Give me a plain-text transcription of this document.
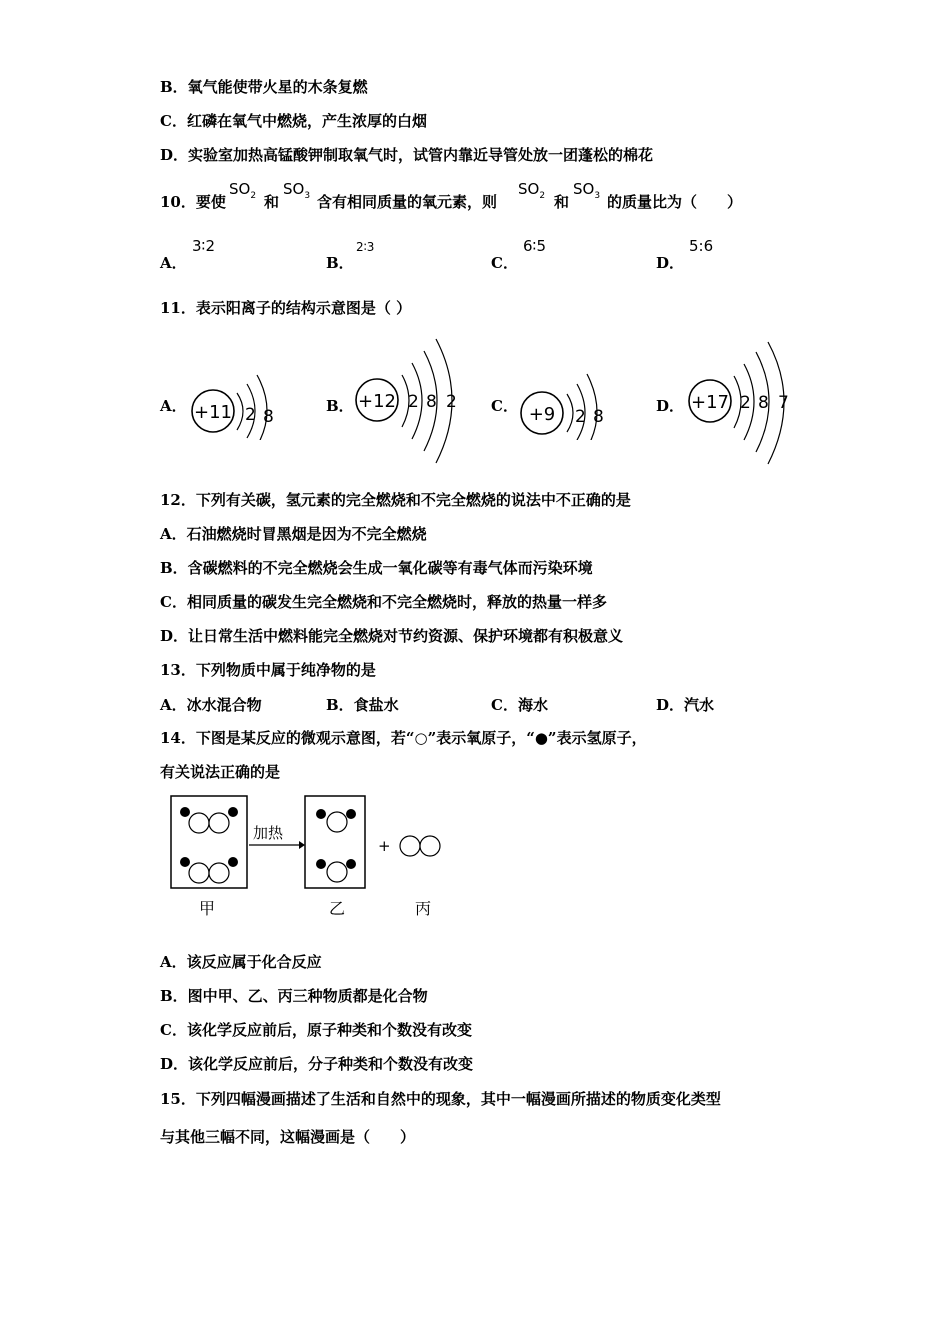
B．氧气能使带火星的木条复燃
C．红磷在氧气中燃烧，产生浓厚的白烟
D．实验室加热高锰酸钾制取氧气时，试管内靠近导管处放一团蓬松的棉花
10．要使
$SO_2$ 和
$SO_3$ 含有相同质量的氧元素，则
$SO_2$ 和
$SO_3$ 的质量比为（　　）
A．
3∶2
B．
2∶3
C．
6∶5
D．
5:6
11．表示阳离子的结构示意图是（ ）
A． +11 2 8
B． +12 2 8 2 C． +9 2 8
D． +17 2 8 7
12．下列有关碳，氢元素的完全燃烧和不完全燃烧的说法中不正确的是
A．石油燃烧时冒黑烟是因为不完全燃烧
B．含碳燃料的不完全燃烧会生成一氧化碳等有毒气体而污染环境
C．相同质量的碳发生完全燃烧和不完全燃烧时，释放的热量一样多
D．让日常生活中燃料能完全燃烧对节约资源、保护环境都有积极意义
13．下列物质中属于纯净物的是
A．冰水混合物	B．食盐水	C．海水	D．汽水
14．下图是某反应的微观示意图，若“○”表示氧原子，“●”表示氢原子，
有关说法正确的是
加热
+
甲	乙	丙
A．该反应属于化合反应
B．图中甲、乙、丙三种物质都是化合物
C．该化学反应前后，原子种类和个数没有改变
D．该化学反应前后，分子种类和个数没有改变
15．下列四幅漫画描述了生活和自然中的现象，其中一幅漫画所描述的物质变化类型
与其他三幅不同，这幅漫画是（　　）
